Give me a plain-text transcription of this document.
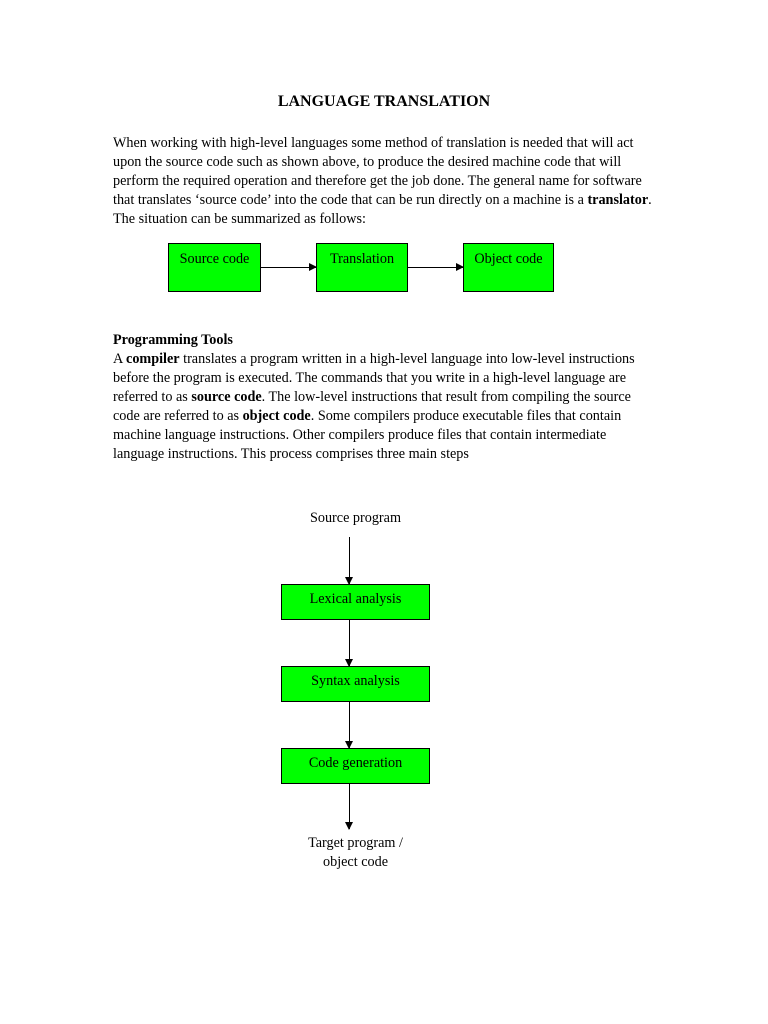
LANGUAGE TRANSLATION

When working with high-level languages some method of translation is needed that will act upon the source code such as shown above, to produce the desired machine code that will perform the required operation and therefore get the job done. The general name for software that translates ‘source code’ into the code that can be run directly on a machine is a translator. The situation can be summarized as follows:

Source code	Translation	Object code

Programming Tools
A compiler translates a program written in a high-level language into low-level instructions before the program is executed. The commands that you write in a high-level language are referred to as source code. The low-level instructions that result from compiling the source code are referred to as object code. Some compilers produce executable files that contain machine language instructions. Other compilers produce files that contain intermediate language instructions. This process comprises three main steps

Source program
Lexical analysis
Syntax analysis
Code generation
Target program /
object code
